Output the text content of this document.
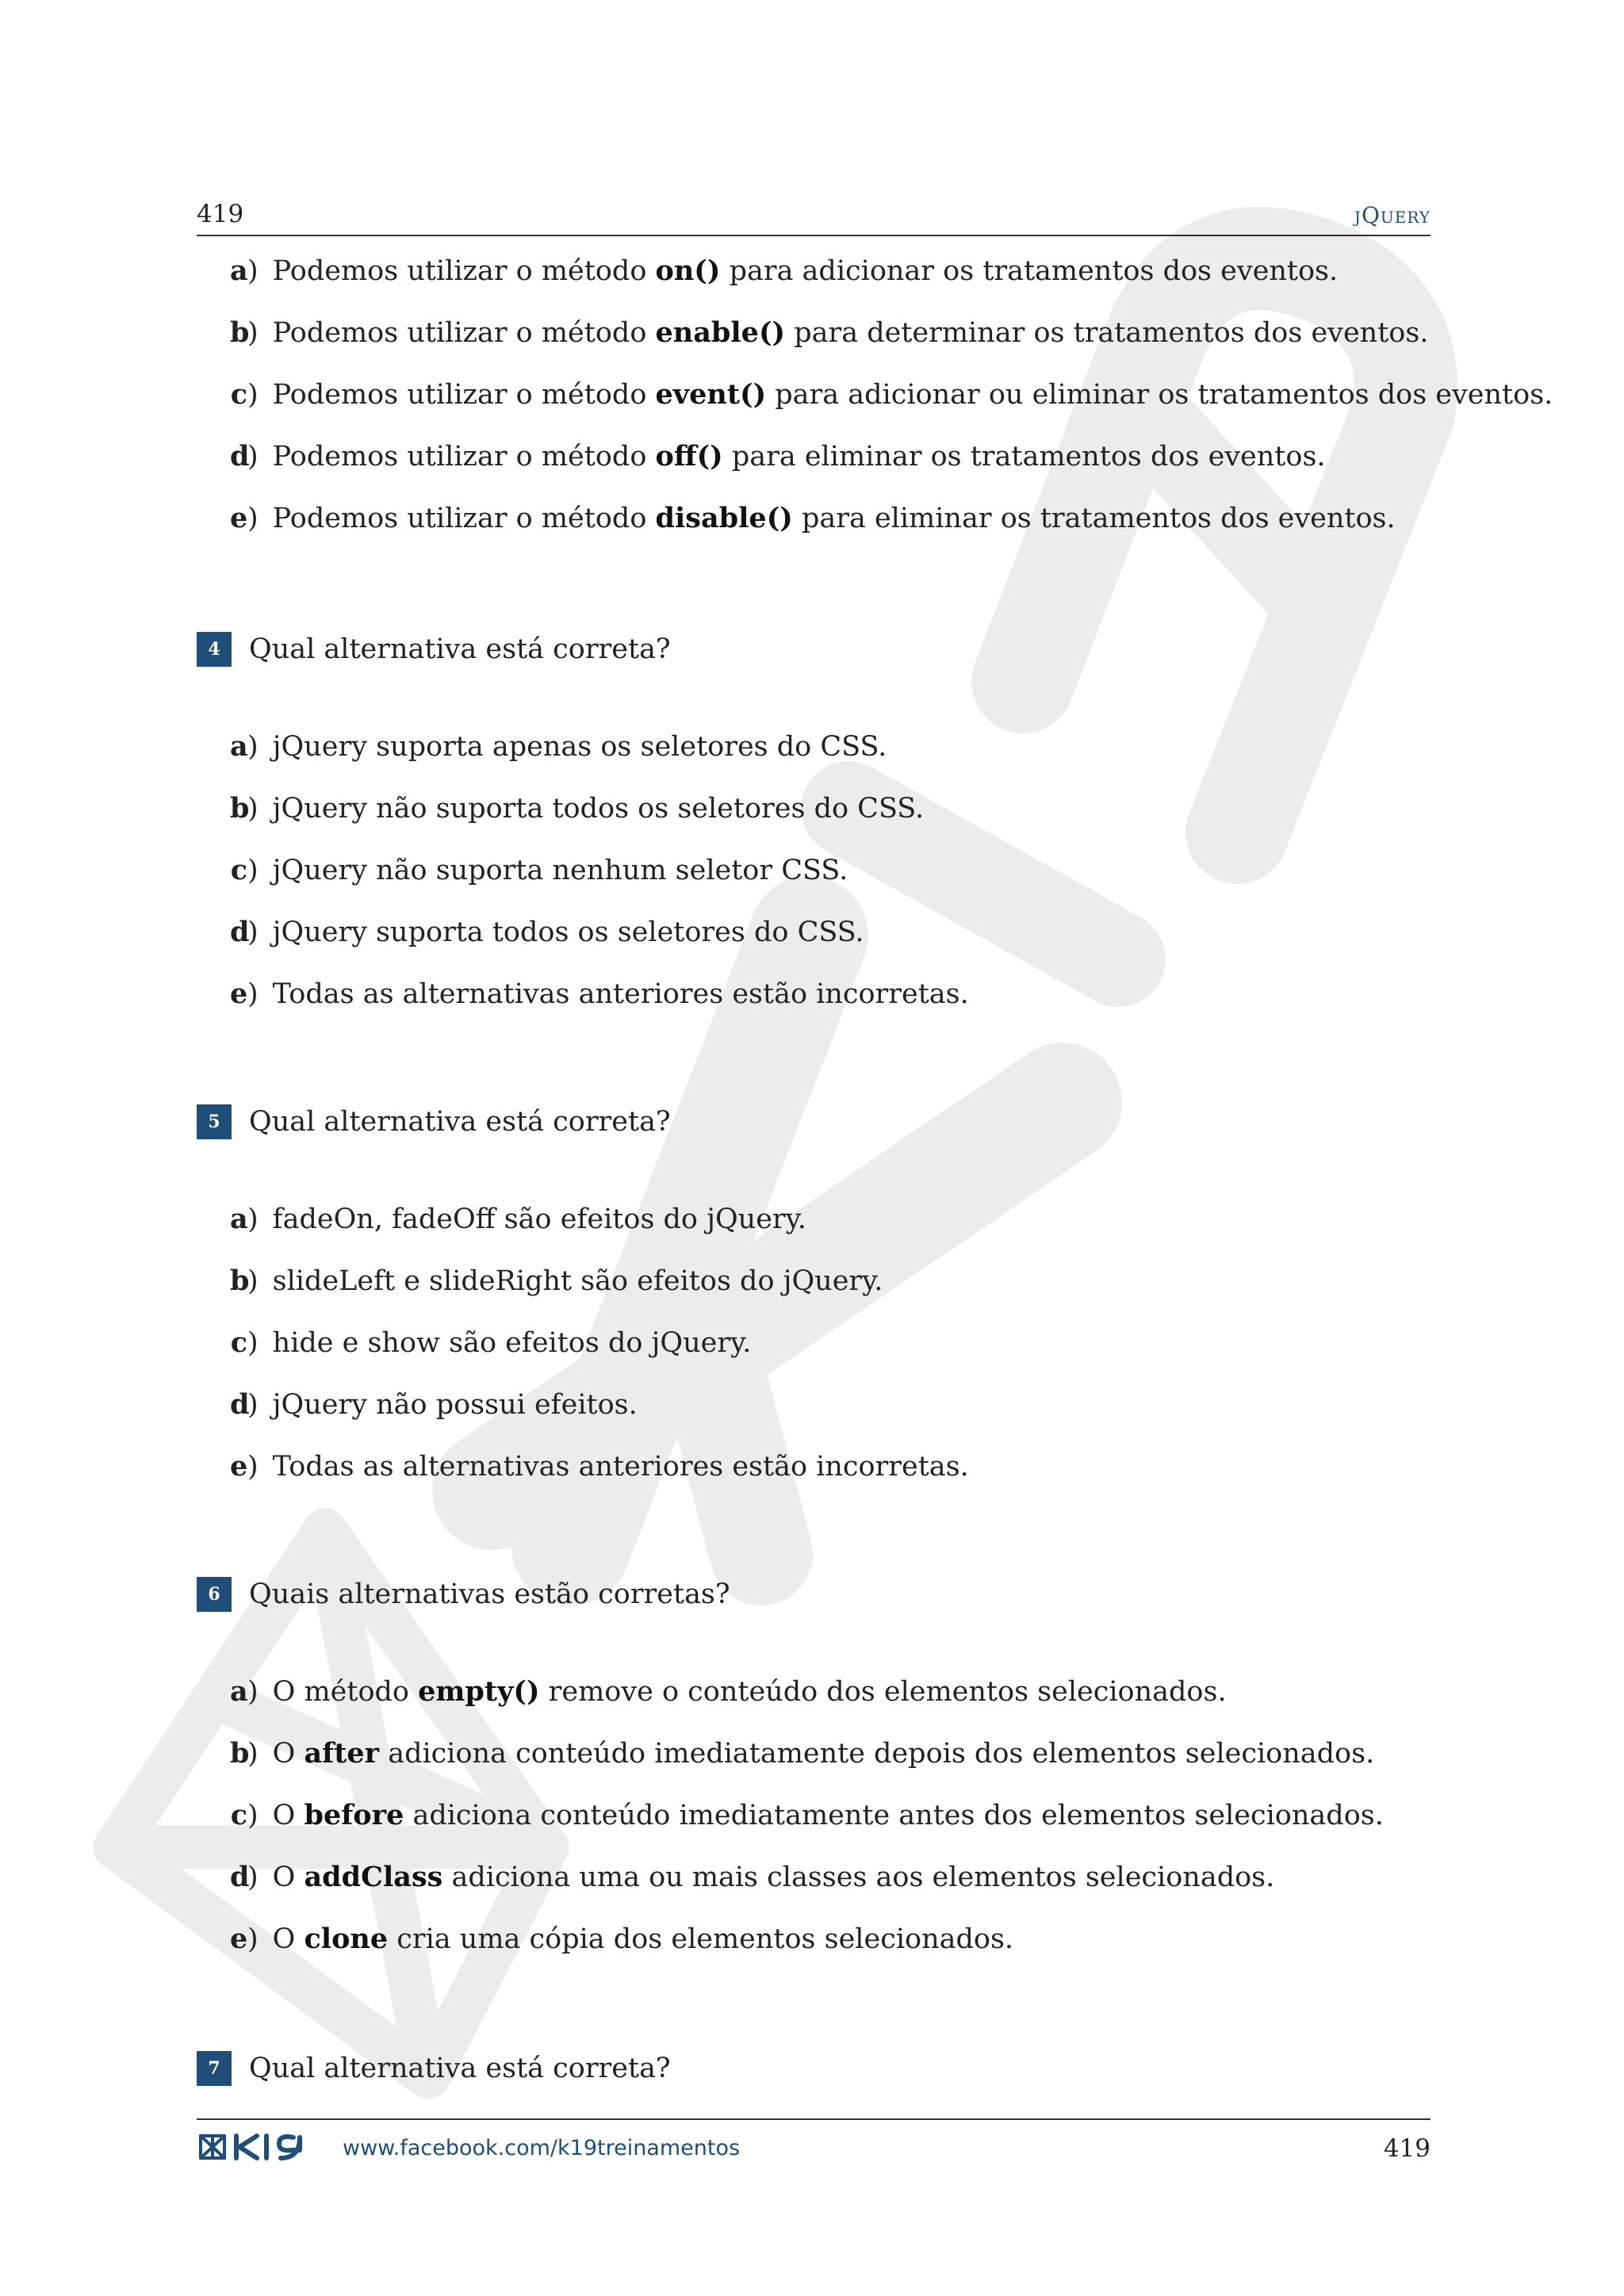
419	jQuery
a) Podemos utilizar o método on() para adicionar os tratamentos dos eventos.
b) Podemos utilizar o método enable() para determinar os tratamentos dos eventos.
c) Podemos utilizar o método event() para adicionar ou eliminar os tratamentos dos eventos.
d) Podemos utilizar o método off() para eliminar os tratamentos dos eventos.
e) Podemos utilizar o método disable() para eliminar os tratamentos dos eventos.
4 Qual alternativa está correta?
a) jQuery suporta apenas os seletores do CSS.
b) jQuery não suporta todos os seletores do CSS.
c) jQuery não suporta nenhum seletor CSS.
d) jQuery suporta todos os seletores do CSS.
e) Todas as alternativas anteriores estão incorretas.
5 Qual alternativa está correta?
a) fadeOn, fadeOff são efeitos do jQuery.
b) slideLeft e slideRight são efeitos do jQuery.
c) hide e show são efeitos do jQuery.
d) jQuery não possui efeitos.
e) Todas as alternativas anteriores estão incorretas.
6 Quais alternativas estão corretas?
a) O método empty() remove o conteúdo dos elementos selecionados.
b) O after adiciona conteúdo imediatamente depois dos elementos selecionados.
c) O before adiciona conteúdo imediatamente antes dos elementos selecionados.
d) O addClass adiciona uma ou mais classes aos elementos selecionados.
e) O clone cria uma cópia dos elementos selecionados.
7 Qual alternativa está correta?
www.facebook.com/k19treinamentos	419
